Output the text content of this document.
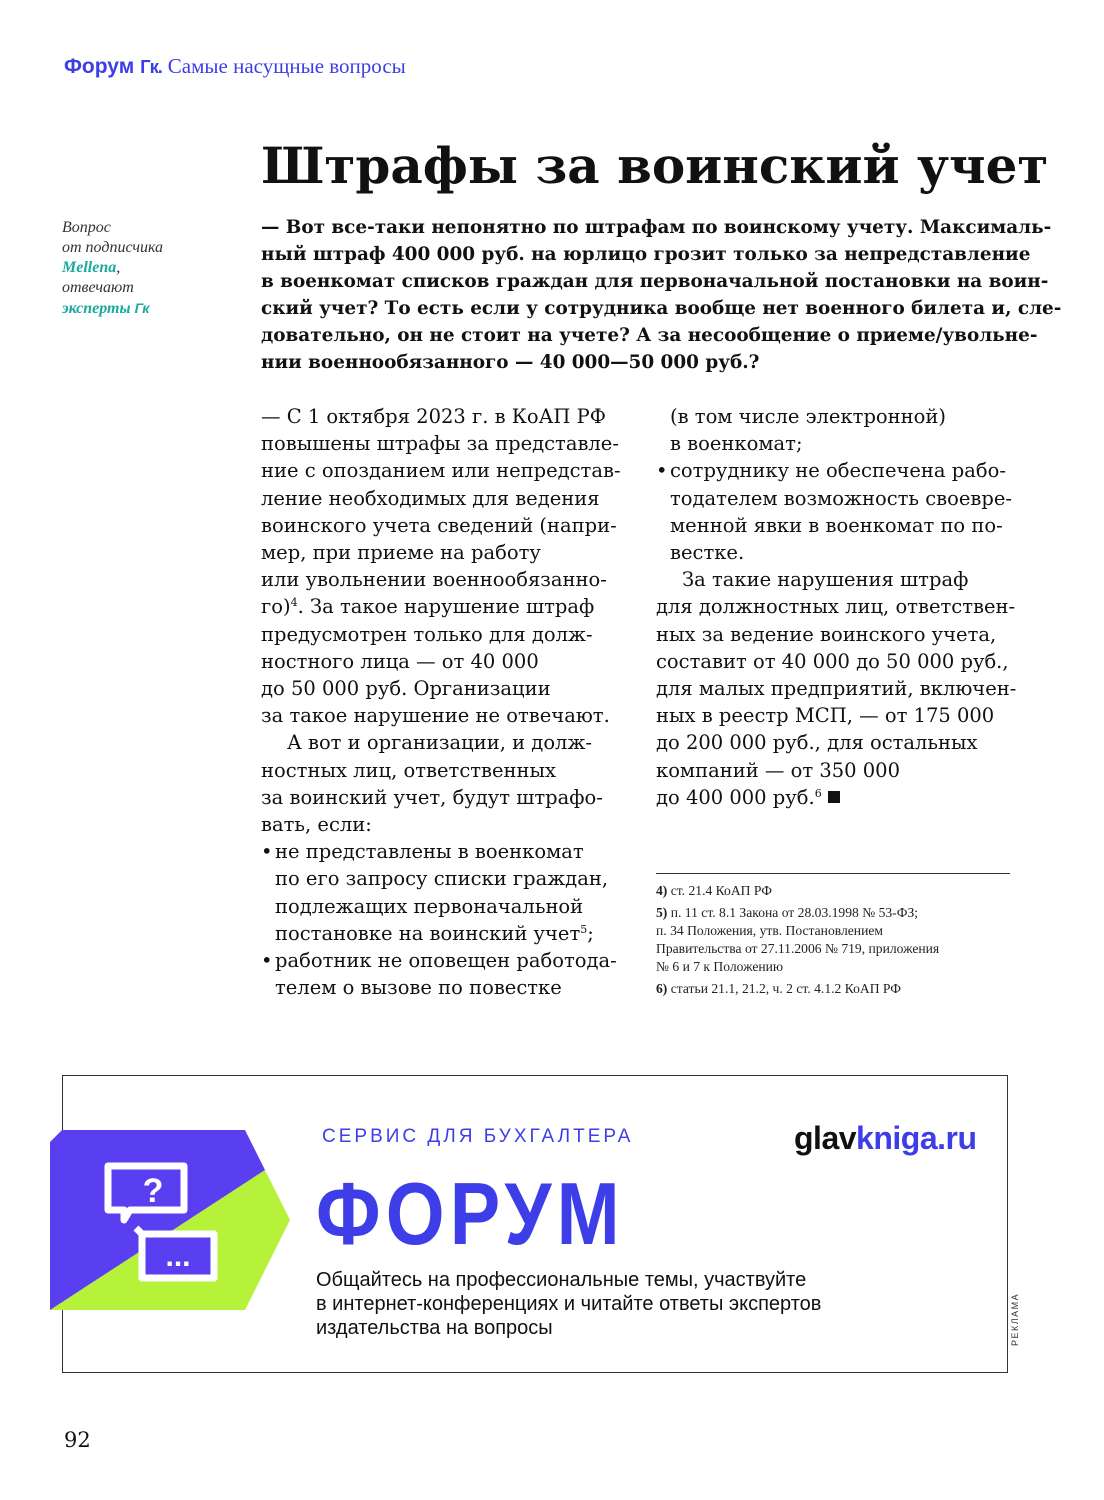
Форум Гк. Самые насущные вопросы
Штрафы за воинский учет
Вопрос
от подписчика
Mellena,
отвечают
эксперты Гк
— Вот все-таки непонятно по штрафам по воинскому учету. Максималь-
ный штраф 400 000 руб. на юрлицо грозит только за непредставление
в военкомат списков граждан для первоначальной постановки на воин-
ский учет? То есть если у сотрудника вообще нет военного билета и, сле-
довательно, он не стоит на учете? А за несообщение о приеме/увольне-
нии военнообязанного — 40 000—50 000 руб.?
— С 1 октября 2023 г. в КоАП РФ
повышены штрафы за представле-
ние с опозданием или непредстав-
ление необходимых для ведения
воинского учета сведений (напри-
мер, при приеме на работу
или увольнении военнообязанно-
го)$^4$. За такое нарушение штраф
предусмотрен только для долж-
ностного лица — от 40 000
до 50 000 руб. Организации
за такое нарушение не отвечают.
А вот и организации, и долж-
ностных лиц, ответственных
за воинский учет, будут штрафо-
вать, если:
• не представлены в военкомат
по его запросу списки граждан,
подлежащих первоначальной
постановке на воинский учет$^5$;
• работник не оповещен работода-
телем о вызове по повестке
(в том числе электронной)
в военкомат;
• сотруднику не обеспечена рабо-
тодателем возможность своевре-
менной явки в военкомат по по-
вестке.
За такие нарушения штраф
для должностных лиц, ответствен-
ных за ведение воинского учета,
составит от 40 000 до 50 000 руб.,
для малых предприятий, включен-
ных в реестр МСП, — от 175 000
до 200 000 руб., для остальных
компаний — от 350 000
до 400 000 руб.$^6$
4) ст. 21.4 КоАП РФ
5) п. 11 ст. 8.1 Закона от 28.03.1998 № 53-ФЗ;
п. 34 Положения, утв. Постановлением
Правительства от 27.11.2006 № 719, приложения
№ 6 и 7 к Положению
6) статьи 21.1, 21.2, ч. 2 ст. 4.1.2 КоАП РФ
?
...
СЕРВИС ДЛЯ БУХГАЛТЕРА	glavkniga.ru
ФОРУМ
Общайтесь на профессиональные темы, участвуйте
в интернет-конференциях и читайте ответы экспертов
издательства на вопросы	РЕКЛАМА
92
